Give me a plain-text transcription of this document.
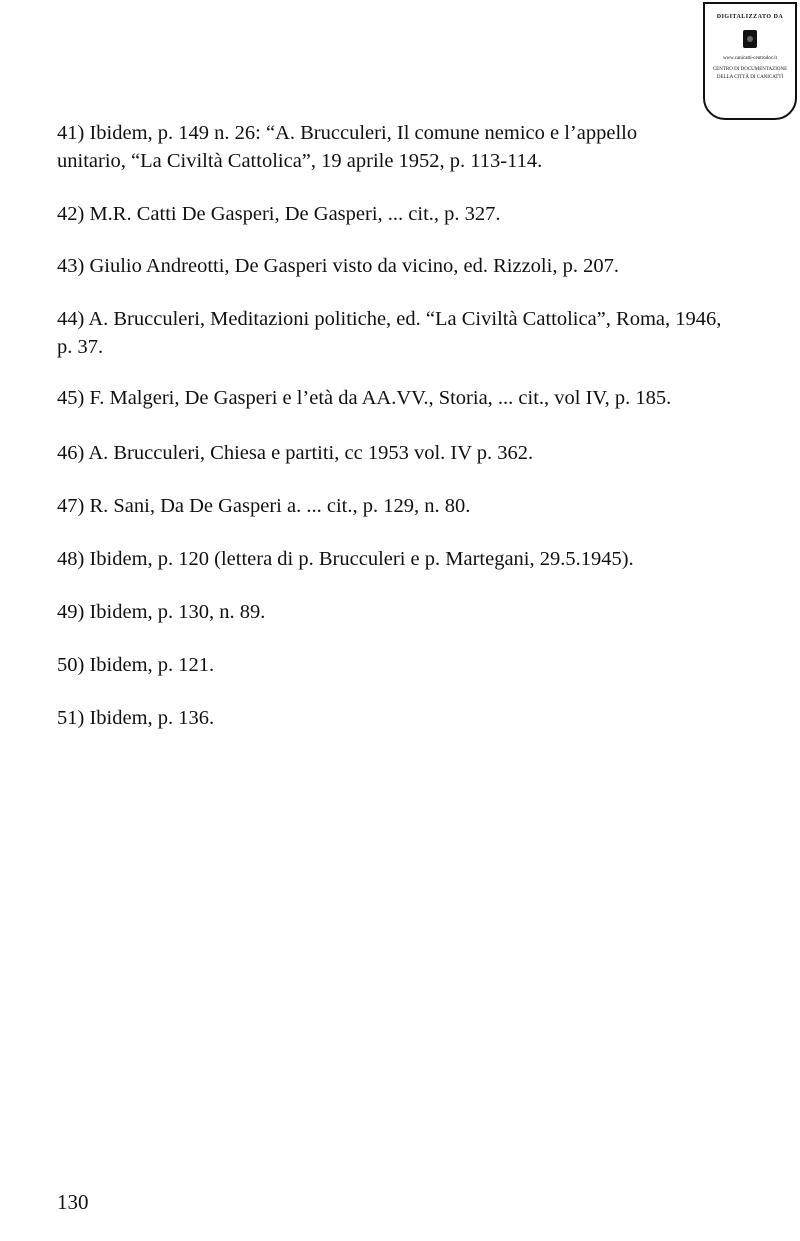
DIGITALIZZATO DA
www.canicatti-centrodoc.it
CENTRO DI DOCUMENTAZIONE
DELLA CITTÀ DI CANICATTÌ
41) Ibidem, p. 149 n. 26: “A. Brucculeri, Il comune nemico e l’appello
unitario, “La Civiltà Cattolica”, 19 aprile 1952, p. 113-114.
42) M.R. Catti De Gasperi, De Gasperi, ... cit., p. 327.
43) Giulio Andreotti, De Gasperi visto da vicino, ed. Rizzoli, p. 207.
44) A. Brucculeri, Meditazioni politiche, ed. “La Civiltà Cattolica”, Roma, 1946,
p. 37.
45) F. Malgeri, De Gasperi e l’età da AA.VV., Storia, ... cit., vol IV, p. 185.
46) A. Brucculeri, Chiesa e partiti, cc 1953 vol. IV p. 362.
47) R. Sani, Da De Gasperi a. ... cit., p. 129, n. 80.
48) Ibidem, p. 120 (lettera di p. Brucculeri e p. Martegani, 29.5.1945).
49) Ibidem, p. 130, n. 89.
50) Ibidem, p. 121.
51) Ibidem, p. 136.
130
